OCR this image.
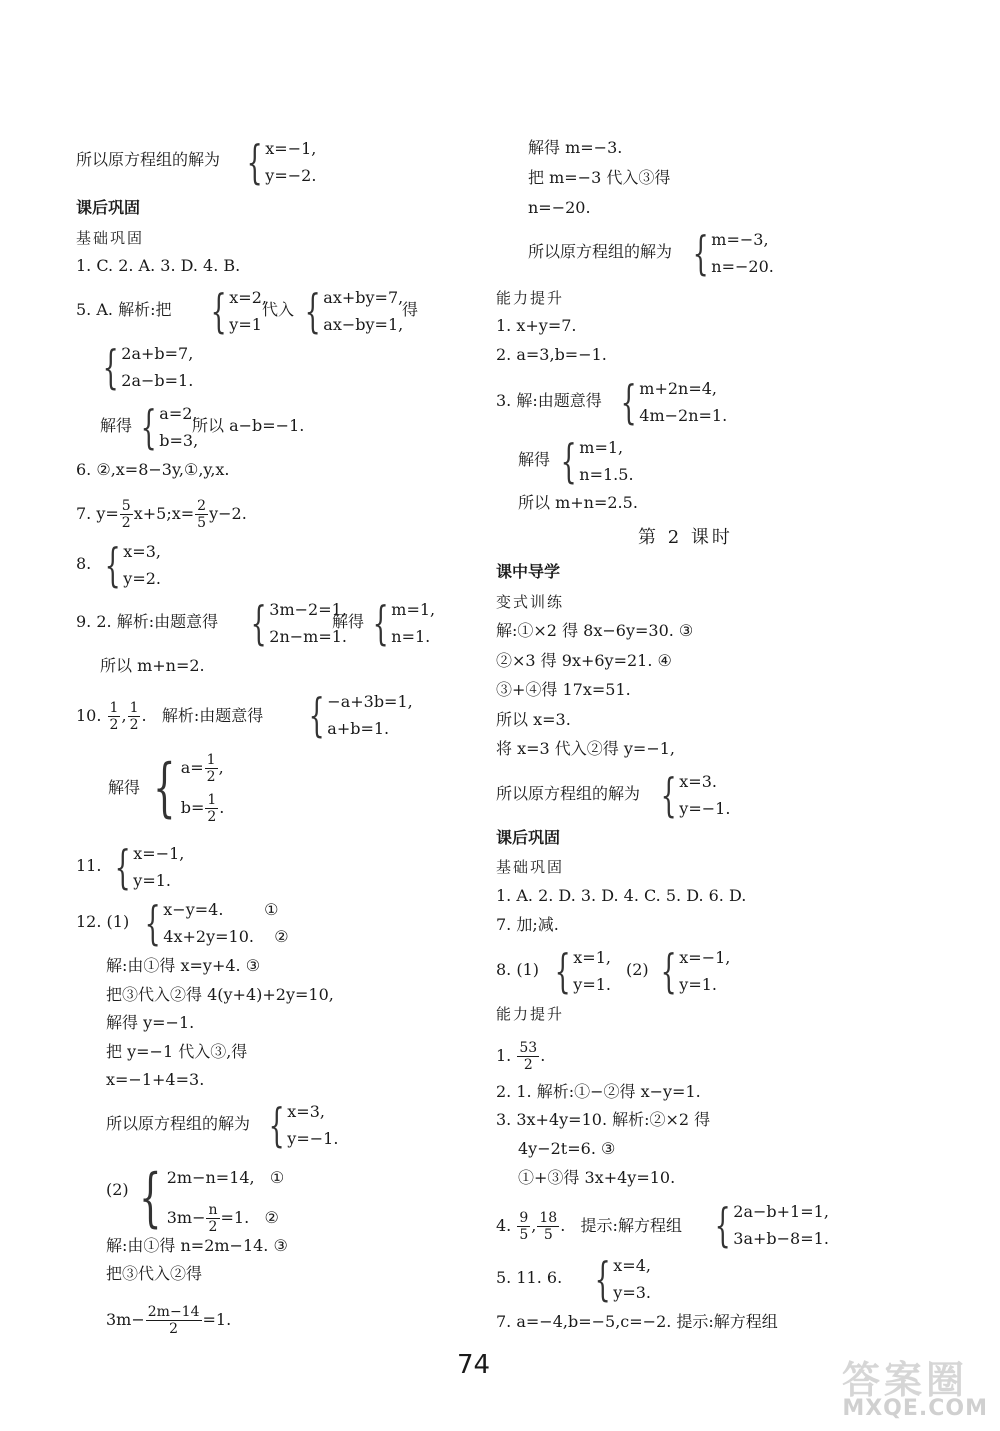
所以原方程组的解为 { x=−1,
y=−2.
课后巩固
基础巩固
1. C. 2. A. 3. D. 4. B.
5. A. 解析:把 { x=2,
y=1
代入 { ax+by=7,
ax−by=1,
得
{ 2a+b=7,
2a−b=1.
解得 { a=2,
b=3,
所以 a−b=−1.
6. ②,x=8−3y,①,y,x.
7. $y= \frac{5}{2}$ x+5;x= $\frac{2}{5} y-2$.
8. { x=3,
y=2.
9. 2. 解析:由题意得 { 3m−2=1,
2n−m=1.
解得 { m=1,
n=1.
所以 m+n=2.
10. $\frac{1}{2}$ , $\frac{1}{2}$ .   解析:由题意得 { −a+3b=1,
a+b=1.
解得 { $a= \frac{1}{2}$ ,
$b= \frac{1}{2}$ .
11. { x=−1,
y=1.
12. (1) { x−y=4.        ①
4x+2y=10.    ②
解:由①得 x=y+4. ③
把③代入②得 4(y+4)+2y=10,
解得 y=−1.
把 y=−1 代入③,得
x=−1+4=3.
所以原方程组的解为 { x=3,
y=−1.
(2) { 2m−n=14,   ①
$3m- \frac{n}{2} =1$.   ②
解:由①得 n=2m−14. ③
把③代入②得
$3m- \frac{2m-14}{2} =1$.
解得 m=−3.
把 m=−3 代入③得
n=−20.
所以原方程组的解为 { m=−3,
n=−20.
能力提升
1. x+y=7.
2. a=3,b=−1.
3. 解:由题意得 { m+2n=4,
4m−2n=1.
解得 { m=1,
n=1.5.
所以 m+n=2.5.
第 2 课时
课中导学
变式训练
解:①×2 得 8x−6y=30. ③
②×3 得 9x+6y=21. ④
③+④得 17x=51.
所以 x=3.
将 x=3 代入②得 y=−1,
所以原方程组的解为 { x=3.
y=−1.
课后巩固
基础巩固
1. A. 2. D. 3. D. 4. C. 5. D. 6. D.
7. 加;减.
8. (1) { x=1,
y=1.
(2) { x=−1,
y=1.
能力提升
1. $\frac{53}{2}$ .
2. 1. 解析:①−②得 x−y=1.
3. 3x+4y=10. 解析:②×2 得
4y−2t=6. ③
①+③得 3x+4y=10.
4. $\frac{9}{5}$ , $\frac{18}{5}$ .   提示:解方程组 { 2a−b+1=1,
3a+b−8=1.
5. 11. 6. { x=4,
y=3.
7. a=−4,b=−5,c=−2. 提示:解方程组
74	答案圈
MXQE.COM
